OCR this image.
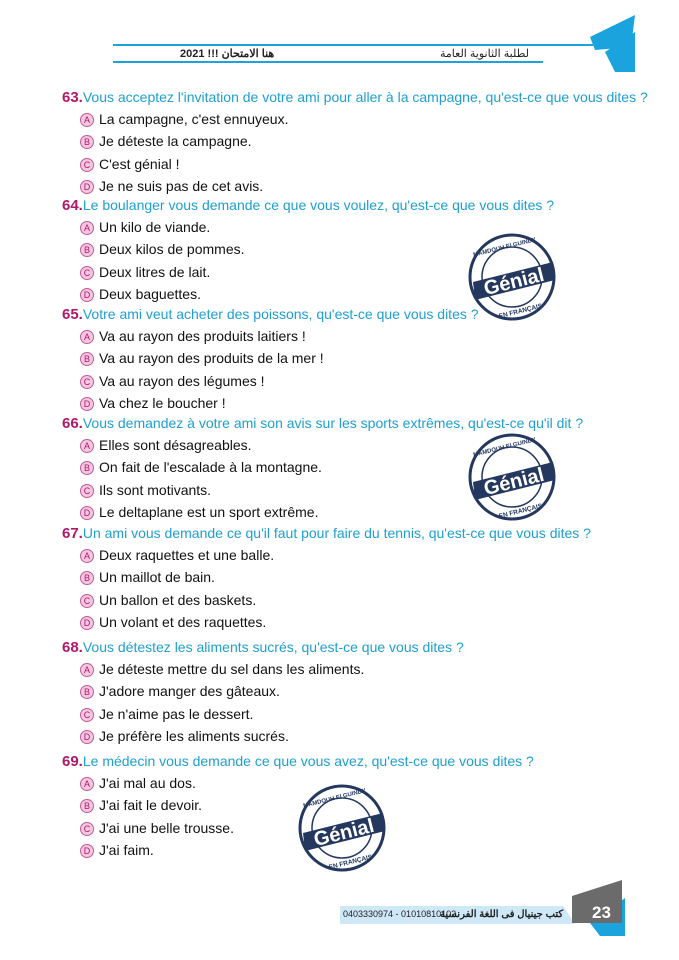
هنا الامتحان !!! 2021	لطلبة الثانوية العامة
63.Vous acceptez l'invitation de votre ami pour aller à la campagne, qu'est-ce que vous dites ?
A La campagne, c'est ennuyeux.
B Je déteste la campagne.
C C'est génial !
D Je ne suis pas de cet avis.
64.Le boulanger vous demande ce que vous voulez, qu'est-ce que vous dites ?
A Un kilo de viande.
B Deux kilos de pommes.
C Deux litres de lait.
D Deux baguettes.
65.Votre ami veut acheter des poissons, qu'est-ce que vous dites ?
A Va au rayon des produits laitiers !
B Va au rayon des produits de la mer !
C Va au rayon des légumes !
D Va chez le boucher !
66.Vous demandez à votre ami son avis sur les sports extrêmes, qu'est-ce qu'il dit ?
A Elles sont désagreables.
B On fait de l'escalade à la montagne.
C Ils sont motivants.
D Le deltaplane est un sport extrême.
67.Un ami vous demande ce qu'il faut pour faire du tennis, qu'est-ce que vous dites ?
A Deux raquettes et une balle.
B Un maillot de bain.
C Un ballon et des baskets.
D Un volant et des raquettes.
68.Vous détestez les aliments sucrés, qu'est-ce que vous dites ?
A Je déteste mettre du sel dans les aliments.
B J'adore manger des gâteaux.
C Je n'aime pas le dessert.
D Je préfère les aliments sucrés.
69.Le médecin vous demande ce que vous avez, qu'est-ce que vous dites ?
A J'ai mal au dos.
B J'ai fait le devoir.
C J'ai une belle trousse.
D J'ai faim.
Génial
MAMDOUH El GUINDY
EN FRANÇAIS
Génial
MAMDOUH El GUINDY
EN FRANÇAIS
Génial
MAMDOUH El GUINDY
EN FRANÇAIS
0403330974 - 01010810102
كتب جينيال فى اللغة الفرنسية 23
